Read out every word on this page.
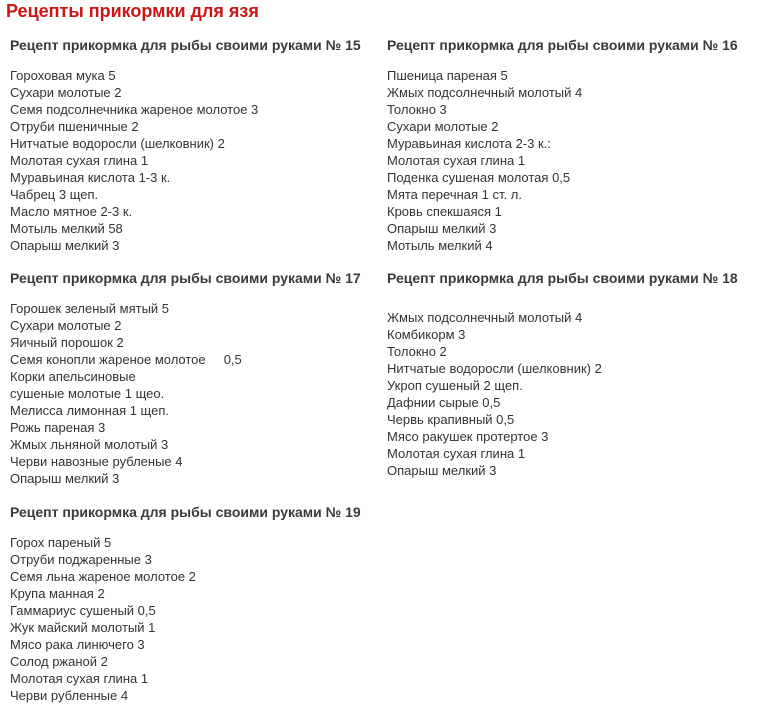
Рецепты прикормки для язя
Рецепт прикормка для рыбы своими руками № 15
Гороховая мука 5
Сухари молотые 2
Семя подсолнечника жареное молотое 3
Отруби пшеничные 2
Нитчатые водоросли (шелковник) 2
Молотая сухая глина 1
Муравьиная кислота 1-3 к.
Чабрец 3 щеп.
Масло мятное 2-3 к.
Мотыль мелкий 58
Опарыш мелкий 3
Рецепт прикормка для рыбы своими руками № 16
Пшеница пареная 5
Жмых подсолнечный молотый 4
Толокно 3
Сухари молотые 2
Муравьиная кислота 2-3 к.:
Молотая сухая глина 1
Поденка сушеная молотая 0,5
Мята перечная 1 ст. л.
Кровь спекшаяся 1
Опарыш мелкий 3
Мотыль мелкий 4
Рецепт прикормка для рыбы своими руками № 17
Горошек зеленый мятый 5
Сухари молотые 2
Яичный порошок 2
Семя конопли жареное молотое     0,5
Корки апельсиновые
сушеные молотые 1 щео.
Мелисса лимонная 1 щеп.
Рожь пареная 3
Жмых льняной молотый 3
Черви навозные рубленые 4
Опарыш мелкий 3
Рецепт прикормка для рыбы своими руками № 18
Жмых подсолнечный молотый 4
Комбикорм 3
Толокно 2
Нитчатые водоросли (шелковник) 2
Укроп сушеный 2 щеп.
Дафнии сырые 0,5
Червь крапивный 0,5
Мясо ракушек протертое 3
Молотая сухая глина 1
Опарыш мелкий 3
Рецепт прикормка для рыбы своими руками № 19
Горох пареный 5
Отруби поджаренные 3
Семя льна жареное молотое 2
Крупа манная 2
Гаммариус сушеный 0,5
Жук майский молотый 1
Мясо рака линючего 3
Солод ржаной 2
Молотая сухая глина 1
Черви рубленные 4
